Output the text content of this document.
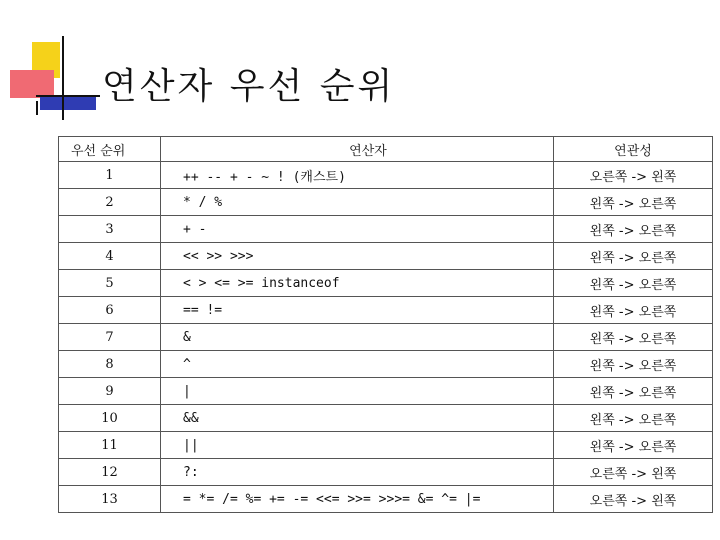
연산자 우선 순위
우선 순위	연산자	연관성
1	++ -- + - ~ ! (캐스트)	오른쪽 -> 왼쪽
2	* / %	왼쪽 -> 오른쪽
3	+ -	왼쪽 -> 오른쪽
4	<< >> >>>	왼쪽 -> 오른쪽
5	< > <= >= instanceof	왼쪽 -> 오른쪽
6	== !=	왼쪽 -> 오른쪽
7	&	왼쪽 -> 오른쪽
8	^	왼쪽 -> 오른쪽
9	|	왼쪽 -> 오른쪽
10	&&	왼쪽 -> 오른쪽
11	||	왼쪽 -> 오른쪽
12	?:	오른쪽 -> 왼쪽
13	= *= /= %= += -= <<= >>= >>>= &= ^= |=	오른쪽 -> 왼쪽
